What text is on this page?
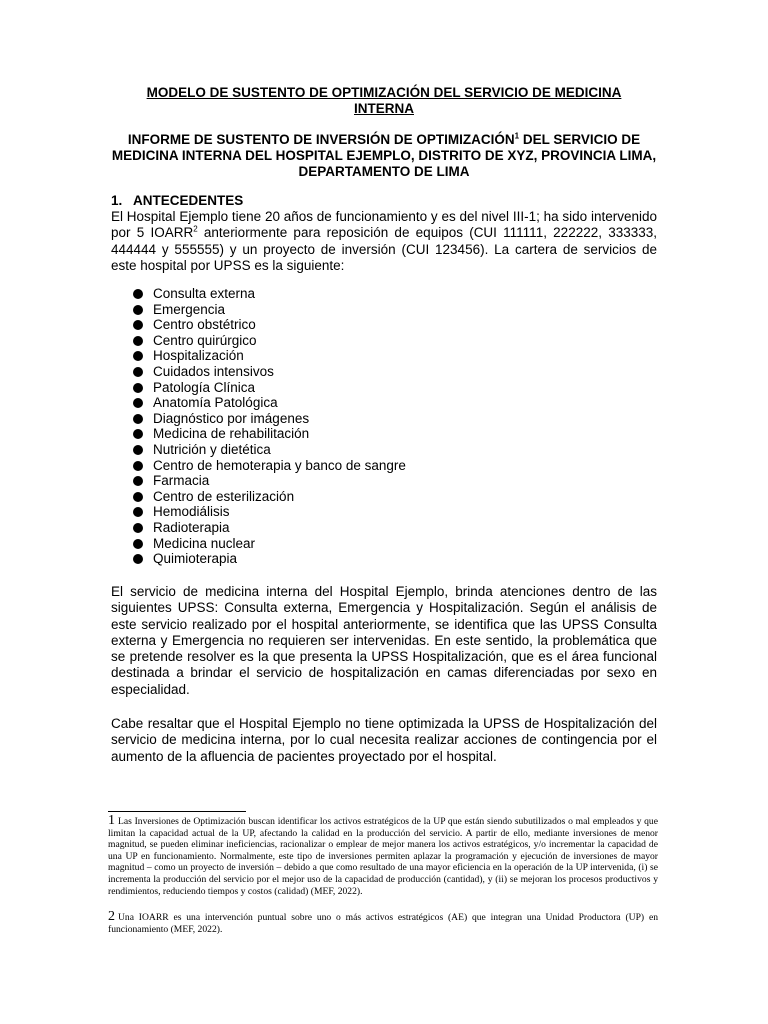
MODELO DE SUSTENTO DE OPTIMIZACIÓN DEL SERVICIO DE MEDICINA INTERNA
INFORME DE SUSTENTO DE INVERSIÓN DE OPTIMIZACIÓN$^1$ DEL SERVICIO DE MEDICINA INTERNA DEL HOSPITAL EJEMPLO, DISTRITO DE XYZ, PROVINCIA LIMA, DEPARTAMENTO DE LIMA
1. ANTECEDENTES
El Hospital Ejemplo tiene 20 años de funcionamiento y es del nivel III-1; ha sido intervenido por 5 IOARR$^2$ anteriormente para reposición de equipos (CUI 111111, 222222, 333333, 444444 y 555555) y un proyecto de inversión (CUI 123456). La cartera de servicios de este hospital por UPSS es la siguiente:
Consulta externa
Emergencia
Centro obstétrico
Centro quirúrgico
Hospitalización
Cuidados intensivos
Patología Clínica
Anatomía Patológica
Diagnóstico por imágenes
Medicina de rehabilitación
Nutrición y dietética
Centro de hemoterapia y banco de sangre
Farmacia
Centro de esterilización
Hemodiálisis
Radioterapia
Medicina nuclear
Quimioterapia
El servicio de medicina interna del Hospital Ejemplo, brinda atenciones dentro de las siguientes UPSS: Consulta externa, Emergencia y Hospitalización. Según el análisis de este servicio realizado por el hospital anteriormente, se identifica que las UPSS Consulta externa y Emergencia no requieren ser intervenidas. En este sentido, la problemática que se pretende resolver es la que presenta la UPSS Hospitalización, que es el área funcional destinada a brindar el servicio de hospitalización en camas diferenciadas por sexo en especialidad.
Cabe resaltar que el Hospital Ejemplo no tiene optimizada la UPSS de Hospitalización del servicio de medicina interna, por lo cual necesita realizar acciones de contingencia por el aumento de la afluencia de pacientes proyectado por el hospital.
1 Las Inversiones de Optimización buscan identificar los activos estratégicos de la UP que están siendo subutilizados o mal empleados y que limitan la capacidad actual de la UP, afectando la calidad en la producción del servicio. A partir de ello, mediante inversiones de menor magnitud, se pueden eliminar ineficiencias, racionalizar o emplear de mejor manera los activos estratégicos, y/o incrementar la capacidad de una UP en funcionamiento. Normalmente, este tipo de inversiones permiten aplazar la programación y ejecución de inversiones de mayor magnitud – como un proyecto de inversión – debido a que como resultado de una mayor eficiencia en la operación de la UP intervenida, (i) se incrementa la producción del servicio por el mejor uso de la capacidad de producción (cantidad), y (ii) se mejoran los procesos productivos y rendimientos, reduciendo tiempos y costos (calidad) (MEF, 2022).
2 Una IOARR es una intervención puntual sobre uno o más activos estratégicos (AE) que integran una Unidad Productora (UP) en funcionamiento (MEF, 2022).
